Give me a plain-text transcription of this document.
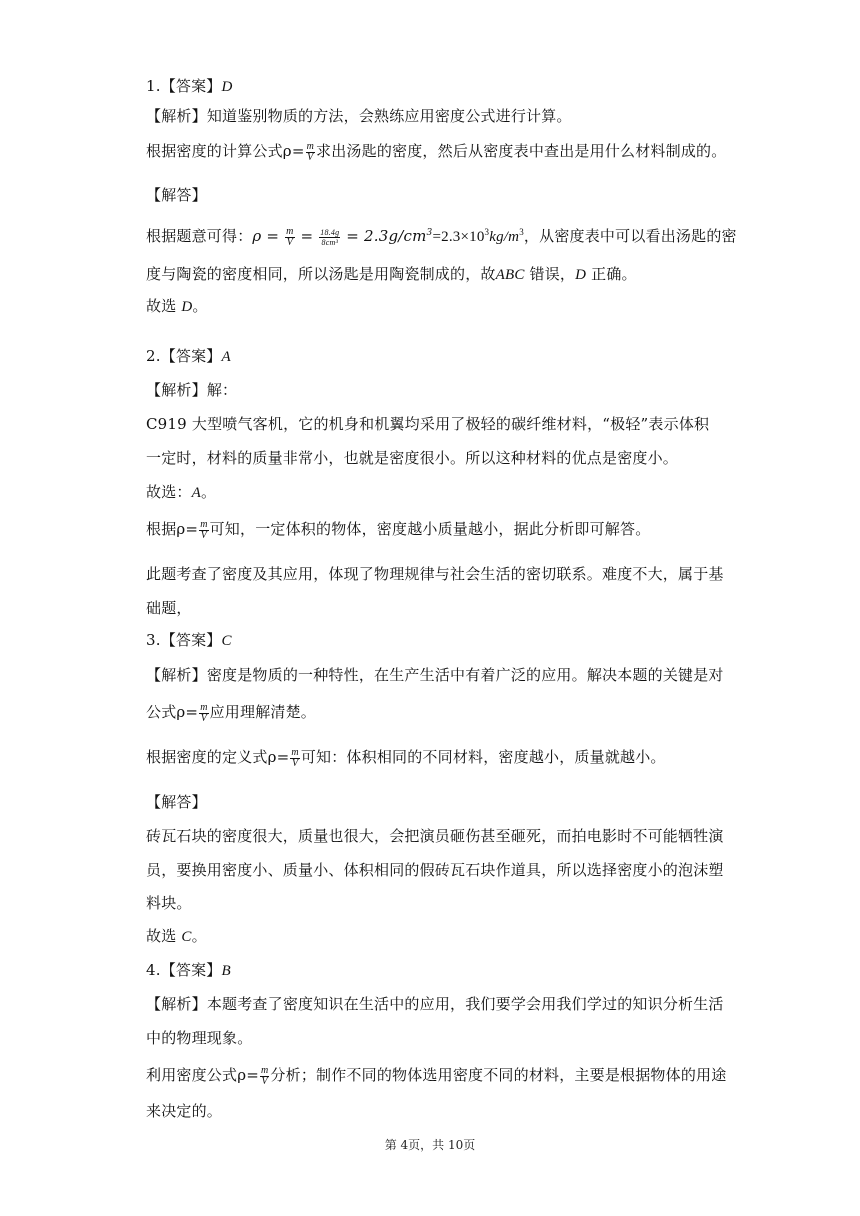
1.【答案】D
【解析】知道鉴别物质的方法，会熟练应用密度公式进行计算。
根据密度的计算公式$\rho= \frac{m}{V}$ 求出汤匙的密度，然后从密度表中查出是用什么材料制成的。
【解答】
根据题意可得：$\rho = \frac{m}{V} = \frac{18.4g}{\text{8cm³}} = 2.3g/cm^3=2.3\times 10^3kg/m^3$，从密度表中可以看出汤匙的密
度与陶瓷的密度相同，所以汤匙是用陶瓷制成的，故ABC 错误，D 正确。
故选 D。
2.【答案】A
【解析】解：
C919 大型喷气客机，它的机身和机翼均采用了极轻的碳纤维材料，“极轻”表示体积
一定时，材料的质量非常小，也就是密度很小。所以这种材料的优点是密度小。
故选：A。
根据$\rho= \frac{m}{V}$ 可知，一定体积的物体，密度越小质量越小，据此分析即可解答。
此题考查了密度及其应用，体现了物理规律与社会生活的密切联系。难度不大，属于基
础题，
3.【答案】C
【解析】密度是物质的一种特性，在生产生活中有着广泛的应用。解决本题的关键是对
公式$\rho= \frac{m}{V}$ 应用理解清楚。
根据密度的定义式$\rho= \frac{m}{V}$ 可知：体积相同的不同材料，密度越小，质量就越小。
【解答】
砖瓦石块的密度很大，质量也很大，会把演员砸伤甚至砸死，而拍电影时不可能牺牲演
员，要换用密度小、质量小、体积相同的假砖瓦石块作道具，所以选择密度小的泡沫塑
料块。
故选 C。
4.【答案】B
【解析】本题考查了密度知识在生活中的应用，我们要学会用我们学过的知识分析生活
中的物理现象。
利用密度公式$\rho= \frac{m}{V}$ 分析；制作不同的物体选用密度不同的材料，主要是根据物体的用途
来决定的。
第 4页，共 10页
